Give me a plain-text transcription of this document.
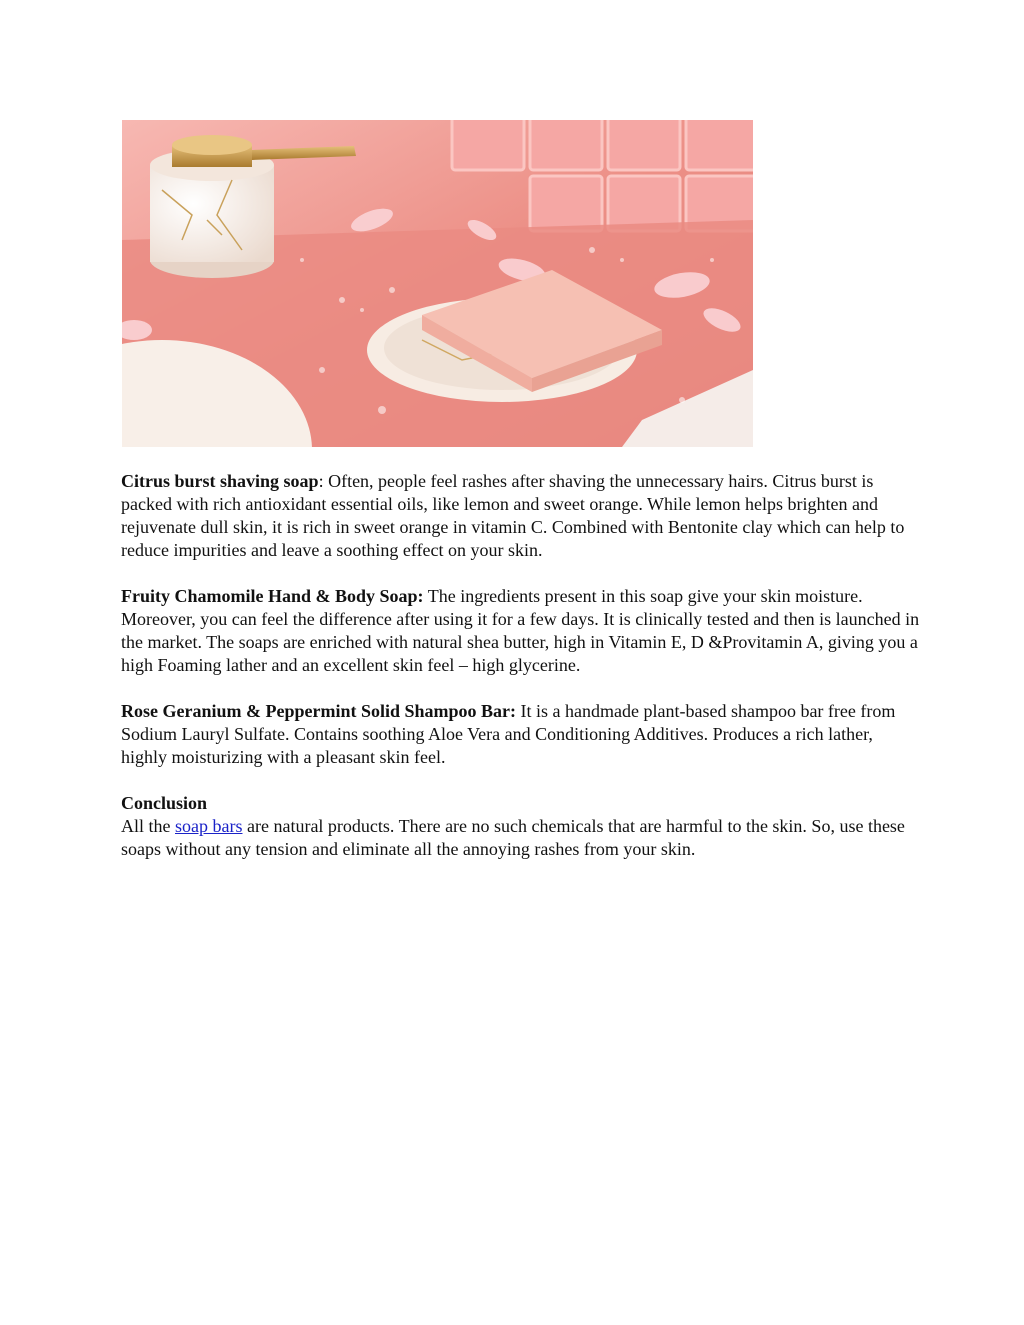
Citrus burst shaving soap: Often, people feel rashes after shaving the unnecessary hairs. Citrus burst is packed with rich antioxidant essential oils, like lemon and sweet orange. While lemon helps brighten and rejuvenate dull skin, it is rich in sweet orange in vitamin C. Combined with Bentonite clay which can help to reduce impurities and leave a soothing effect on your skin.

Fruity Chamomile Hand & Body Soap: The ingredients present in this soap give your skin moisture. Moreover, you can feel the difference after using it for a few days. It is clinically tested and then is launched in the market. The soaps are enriched with natural shea butter, high in Vitamin E, D &Provitamin A, giving you a high Foaming lather and an excellent skin feel – high glycerine.

Rose Geranium & Peppermint Solid Shampoo Bar: It is a handmade plant-based shampoo bar free from Sodium Lauryl Sulfate. Contains soothing Aloe Vera and Conditioning Additives. Produces a rich lather, highly moisturizing with a pleasant skin feel.

Conclusion
All the soap bars are natural products. There are no such chemicals that are harmful to the skin. So, use these soaps without any tension and eliminate all the annoying rashes from your skin.
